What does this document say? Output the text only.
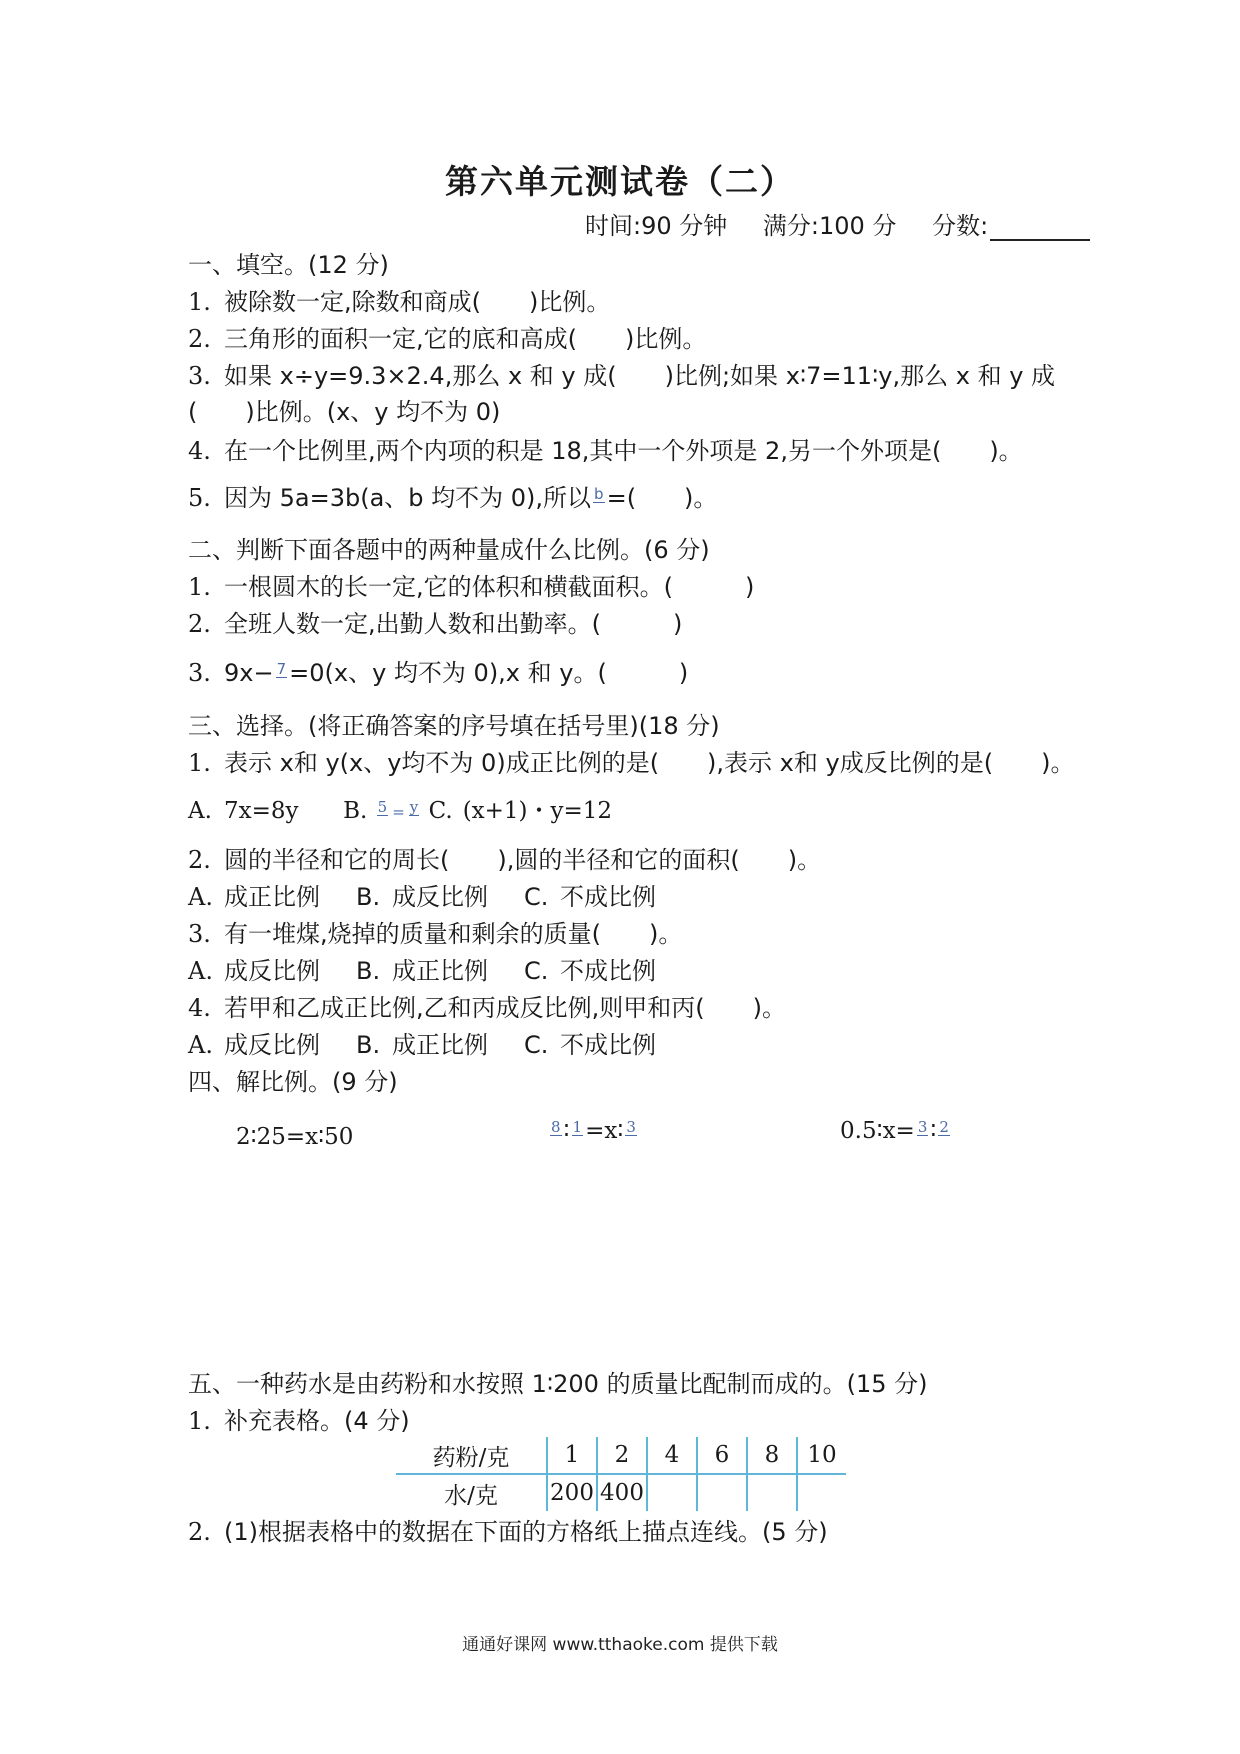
第六单元测试卷（二）
时间:90 分钟 满分:100 分 分数:
一、填空。(12 分)
1. 被除数一定,除数和商成(　　)比例。
2. 三角形的面积一定,它的底和高成(　　)比例。
3. 如果 x÷y=9.3×2.4,那么 x 和 y 成(　　)比例;如果 x∶7=11∶y,那么 x 和 y 成
(　　)比例。(x、y 均不为 0)
4. 在一个比例里,两个内项的积是 18,其中一个外项是 2,另一个外项是(　　)。
5. 因为 5a=3b(a、b 均不为 0),所以 b =(　　)。
二、判断下面各题中的两种量成什么比例。(6 分)
1. 一根圆木的长一定,它的体积和横截面积。(　　　)
2. 全班人数一定,出勤人数和出勤率。(　　　)
3. 9x− 7 =0(x、y 均不为 0),x 和 y。(　　　)
三、选择。(将正确答案的序号填在括号里)(18 分)
1. 表示 x和 y(x、y均不为 0)成正比例的是(　　),表示 x和 y成反比例的是(　　)。
A. 7x=8y B. 5 = y C. (x+1)・y=12
2. 圆的半径和它的周长(　　),圆的半径和它的面积(　　)。
A. 成正比例 B. 成反比例 C. 不成比例
3. 有一堆煤,烧掉的质量和剩余的质量(　　)。
A. 成反比例 B. 成正比例 C. 不成比例
4. 若甲和乙成正比例,乙和丙成反比例,则甲和丙(　　)。
A. 成反比例 B. 成正比例 C. 不成比例
四、解比例。(9 分)
2∶25=x∶50	8 ∶ 1 =x∶ 3	0.5∶x= 3 ∶ 2
五、一种药水是由药粉和水按照 1∶200 的质量比配制而成的。(15 分)
1. 补充表格。(4 分)
药粉/克	1	2	4	6	8	10
水/克	200	400				
2. (1)根据表格中的数据在下面的方格纸上描点连线。(5 分)
通通好课网 www.tthaoke.com 提供下载
